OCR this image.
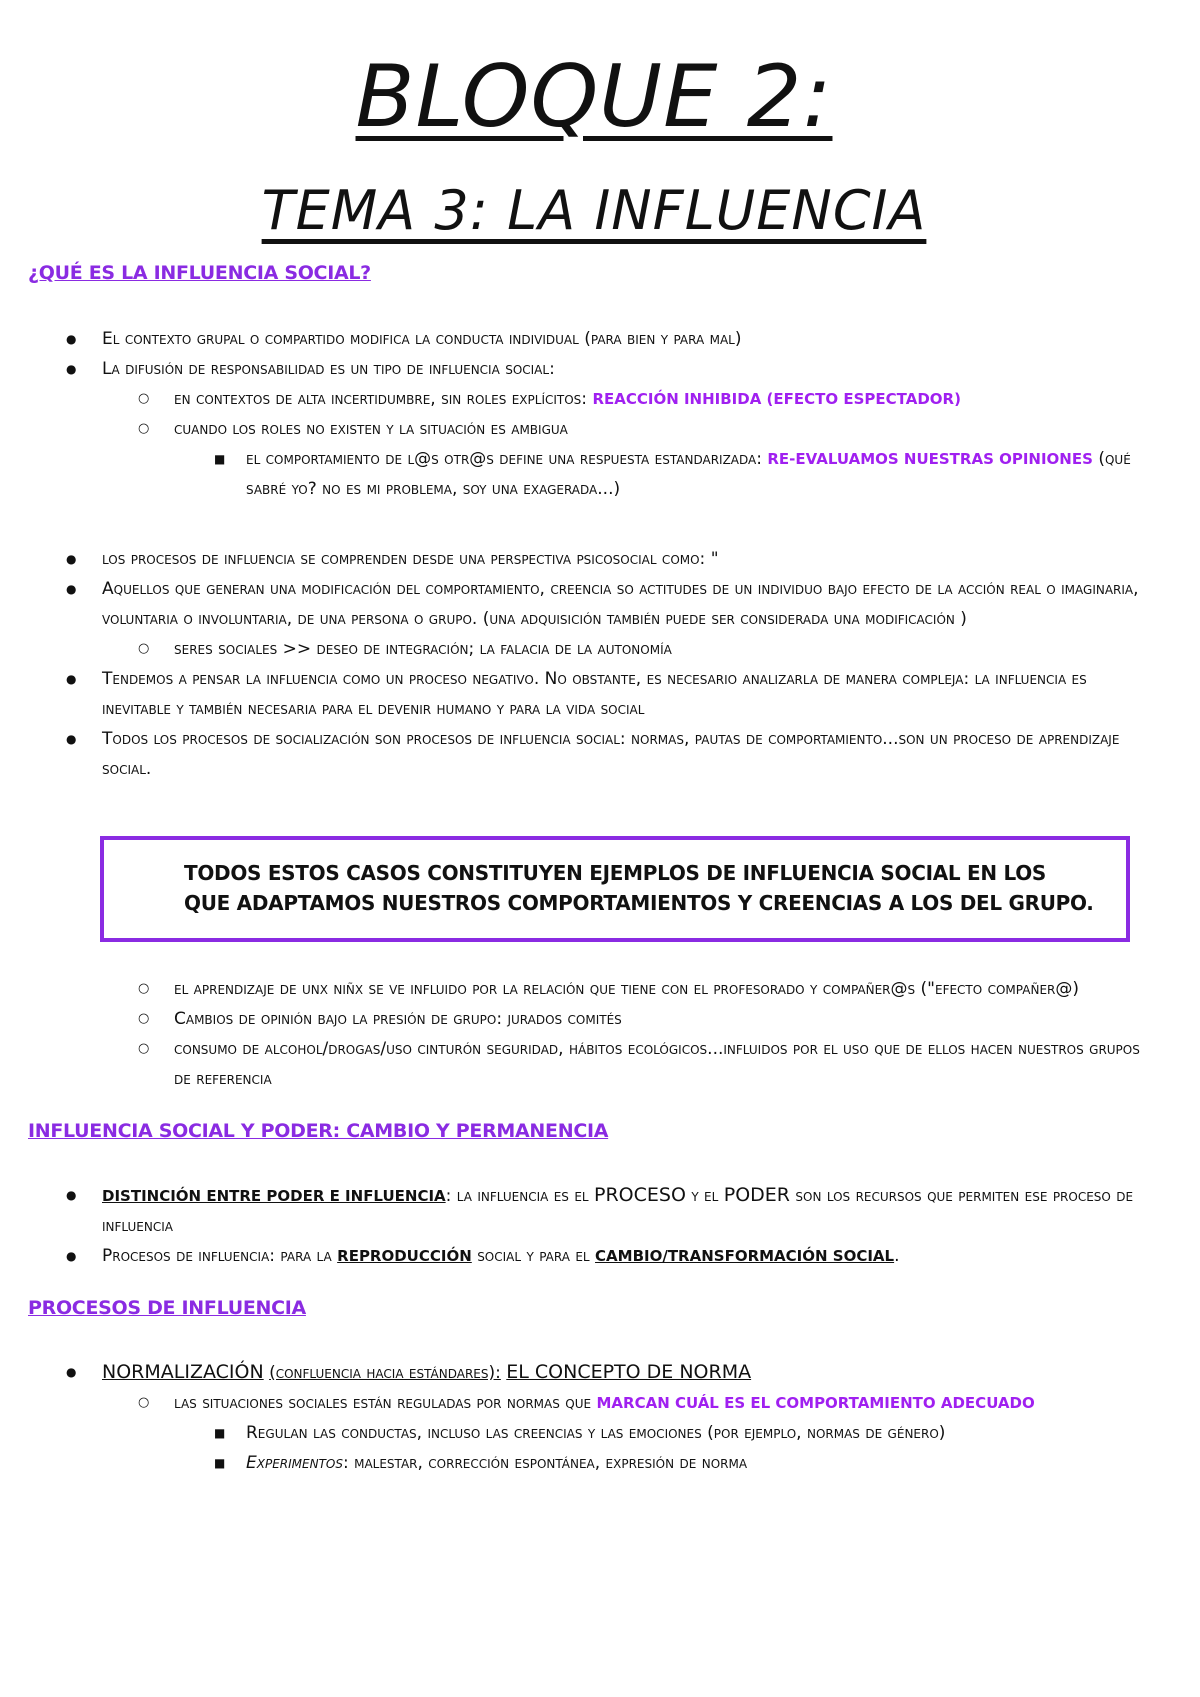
BLOQUE 2:
TEMA 3: LA INFLUENCIA
¿QUÉ ES LA INFLUENCIA SOCIAL?
● El contexto grupal o compartido modifica la conducta individual (para bien y para mal)
● La difusión de responsabilidad es un tipo de influencia social:
○ en contextos de alta incertidumbre, sin roles explícitos: REACCIÓN INHIBIDA (EFECTO ESPECTADOR)
○ cuando los roles no existen y la situación es ambigua
■ el comportamiento de l@s otr@s define una respuesta estandarizada: RE-EVALUAMOS NUESTRAS OPINIONES (qué sabré yo? no es mi problema, soy una exagerada...)
● los procesos de influencia se comprenden desde una perspectiva psicosocial como: "
● Aquellos que generan una modificación del comportamiento, creencia so actitudes de un individuo bajo efecto de la acción real o imaginaria, voluntaria o involuntaria, de una persona o grupo. (una adquisición también puede ser considerada una modificación )
○ seres sociales >> deseo de integración; la falacia de la autonomía
● Tendemos a pensar la influencia como un proceso negativo. No obstante, es necesario analizarla de manera compleja: la influencia es inevitable y también necesaria para el devenir humano y para la vida social
● Todos los procesos de socialización son procesos de influencia social: normas, pautas de comportamiento...son un proceso de aprendizaje social.
TODOS ESTOS CASOS CONSTITUYEN EJEMPLOS DE INFLUENCIA SOCIAL EN LOS QUE ADAPTAMOS NUESTROS COMPORTAMIENTOS Y CREENCIAS A LOS DEL GRUPO.
○ el aprendizaje de unx niñx se ve influido por la relación que tiene con el profesorado y compañer@s ("efecto compañer@)
○ Cambios de opinión bajo la presión de grupo: jurados comités
○ consumo de alcohol/drogas/uso cinturón seguridad, hábitos ecológicos...influidos por el uso que de ellos hacen nuestros grupos de referencia
INFLUENCIA SOCIAL Y PODER: CAMBIO Y PERMANENCIA
● DISTINCIÓN ENTRE PODER E INFLUENCIA: la influencia es el PROCESO y el PODER son los recursos que permiten ese proceso de influencia
● Procesos de influencia: para la REPRODUCCIÓN social y para el CAMBIO/TRANSFORMACIÓN SOCIAL.
PROCESOS DE INFLUENCIA
● NORMALIZACIÓN (confluencia hacia estándares): EL CONCEPTO DE NORMA
○ las situaciones sociales están reguladas por normas que MARCAN CUÁL ES EL COMPORTAMIENTO ADECUADO
■ Regulan las conductas, incluso las creencias y las emociones (por ejemplo, normas de género)
■ Experimentos: malestar, corrección espontánea, expresión de norma
